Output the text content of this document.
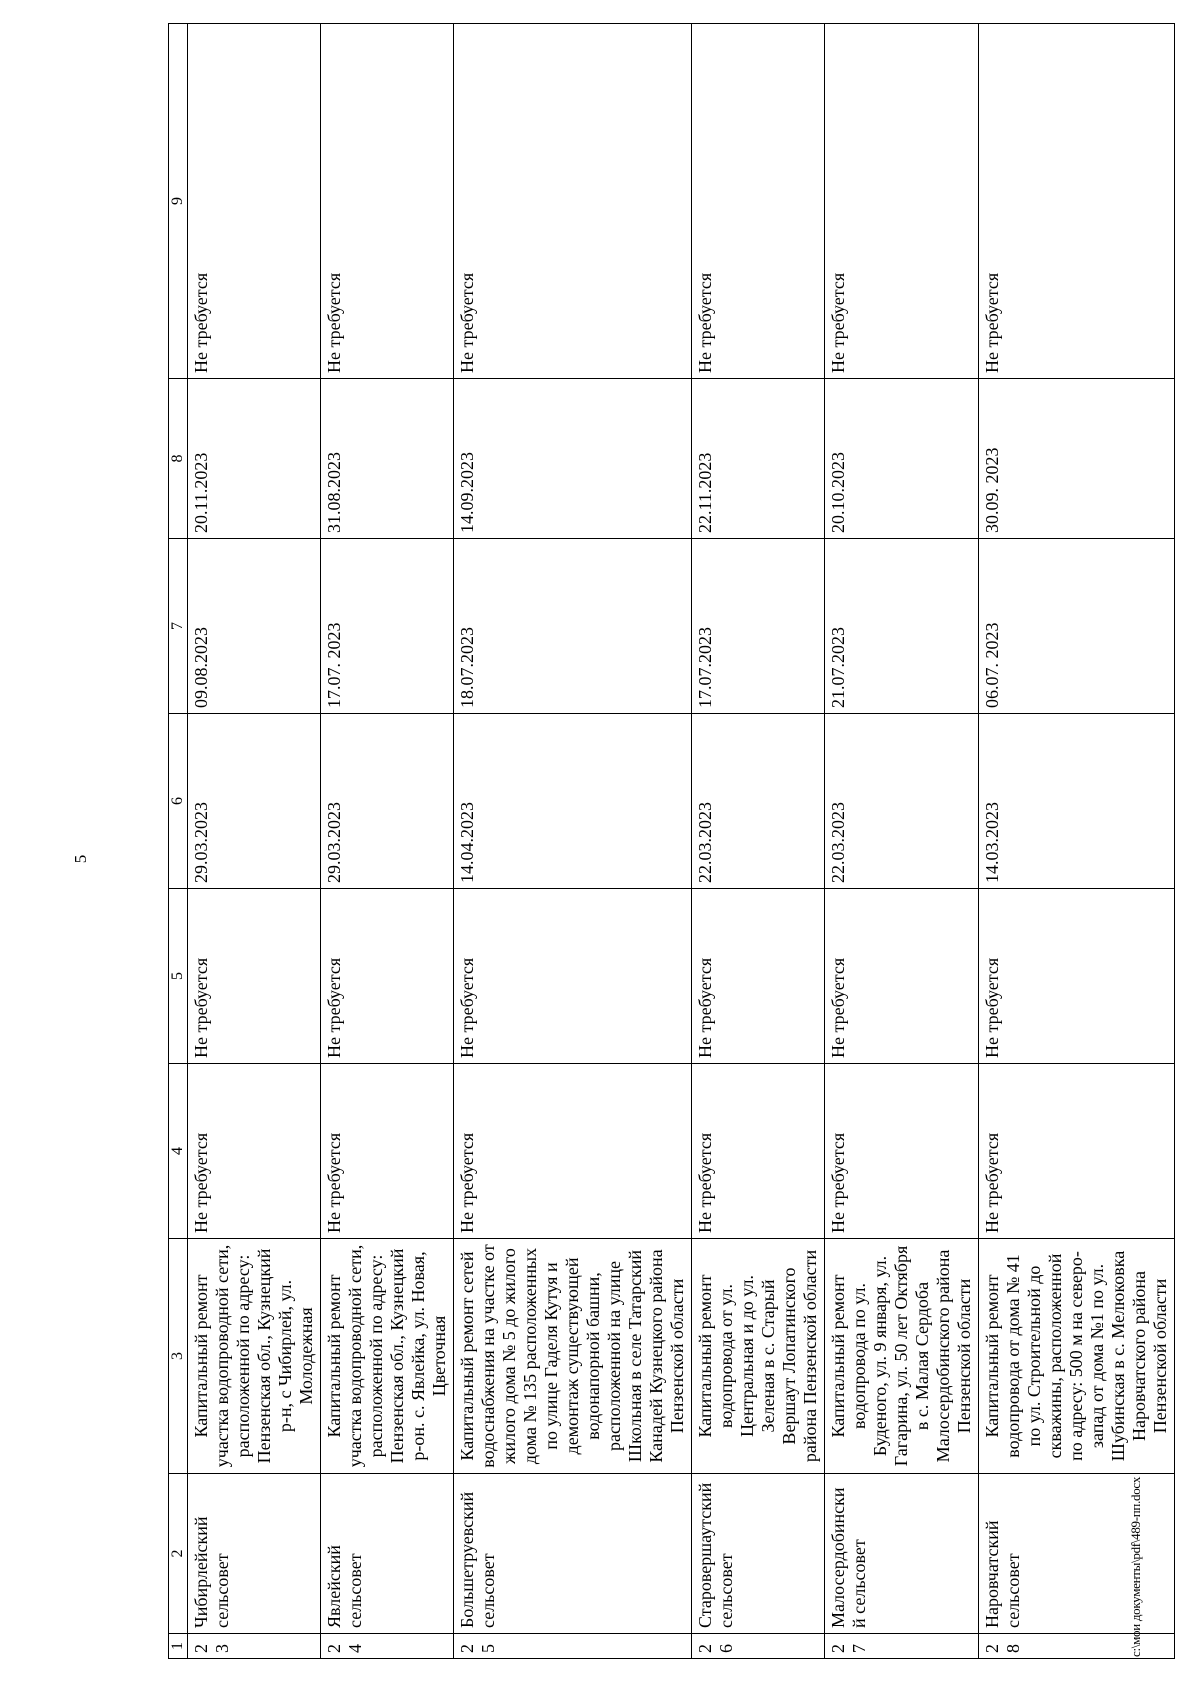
5
1	2	3	4	5	6	7	8	9
23	Чибирлейский сельсовет	Капитальный ремонт участка водопроводной сети, расположенной по адресу: Пензенская обл., Кузнецкий р-н, с Чибирлей, ул. Молодежная	Не требуется	Не требуется	29.03.2023	09.08.2023	20.11.2023	Не требуется
24	Явлейский сельсовет	Капитальный ремонт участка водопроводной сети, расположенной по адресу: Пензенская обл., Кузнецкий р-он. с. Явлейка, ул. Новая, Цветочная	Не требуется	Не требуется	29.03.2023	17.07. 2023	31.08.2023	Не требуется
25	Большетруевский сельсовет	Капитальный ремонт сетей водоснабжения на участке от жилого дома № 5 до жилого дома № 135 расположенных по улице Гаделя Кутуя и демонтаж существующей водонапорной башни, расположенной на улице Школьная в селе Татарский Канадей Кузнецкого района Пензенской области	Не требуется	Не требуется	14.04.2023	18.07.2023	14.09.2023	Не требуется
26	Старовершаутский сельсовет	Капитальный ремонт водопровода от ул. Центральная и до ул. Зеленая в с. Старый Вершаут Лопатинского района Пензенской области	Не требуется	Не требуется	22.03.2023	17.07.2023	22.11.2023	Не требуется
27	Малосердобинский сельсовет	Капитальный ремонт водопровода по ул. Буденого, ул. 9 января, ул. Гагарина, ул. 50 лет Октября в с. Малая Сердоба Малосердобинского района Пензенской области	Не требуется	Не требуется	22.03.2023	21.07.2023	20.10.2023	Не требуется
28	Наровчатский сельсовет	Капитальный ремонт водопровода от дома № 41 по ул. Строительной до скважины, расположенной по адресу: 500 м на северо-запад от дома №1 по ул. Шубинская в с. Мелюковка Наровчатского района Пензенской области	Не требуется	Не требуется	14.03.2023	06.07. 2023	30.09. 2023	Не требуется
c:\мои документы\pdf\489-пп.docx
